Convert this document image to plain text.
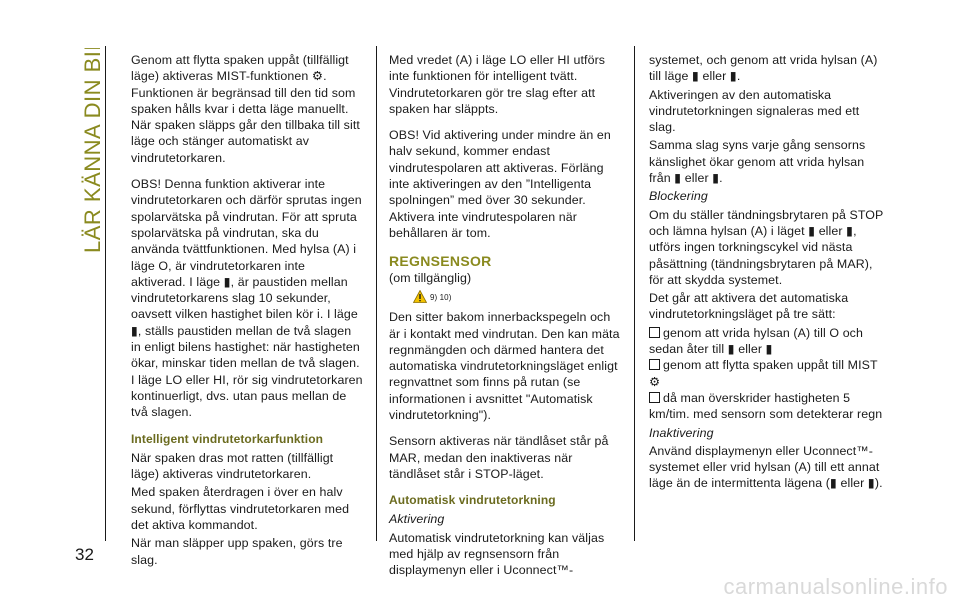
LÄR KÄNNA DIN BIL Genom att flytta spaken uppåt (tillfälligt läge) aktiveras MIST-funktionen ⚙. Funktionen är begränsad till den tid som spaken hålls kvar i detta läge manuellt. När spaken släpps går den tillbaka till sitt läge och stänger automatiskt av vindrutetorkaren.

OBS! Denna funktion aktiverar inte vindrutetorkaren och därför sprutas ingen spolarvätska på vindrutan. För att spruta spolarvätska på vindrutan, ska du använda tvättfunktionen. Med hylsa (A) i läge O, är vindrutetorkaren inte aktiverad. I läge ▮, är paustiden mellan vindrutetorkarens slag 10 sekunder, oavsett vilken hastighet bilen kör i. I läge ▮, ställs paustiden mellan de två slagen in enligt bilens hastighet: när hastigheten ökar, minskar tiden mellan de två slagen. I läge LO eller HI, rör sig vindrutetorkaren kontinuerligt, dvs. utan paus mellan de två slagen.

Intelligent vindrutetorkarfunktion

När spaken dras mot ratten (tillfälligt läge) aktiveras vindrutetorkaren.

Med spaken återdragen i över en halv sekund, förflyttas vindrutetorkaren med det aktiva kommandot.

När man släpper upp spaken, görs tre slag.

Med vredet (A) i läge LO eller HI utförs inte funktionen för intelligent tvätt. Vindrutetorkaren gör tre slag efter att spaken har släppts.

OBS! Vid aktivering under mindre än en halv sekund, kommer endast vindrutespolaren att aktiveras. Förläng inte aktiveringen av den ”Intelligenta spolningen” med över 30 sekunder. Aktivera inte vindrutespolaren när behållaren är tom.

REGNSENSOR
(om tillgänglig)
9) 10)

Den sitter bakom innerbackspegeln och är i kontakt med vindrutan. Den kan mäta regnmängden och därmed hantera det automatiska vindrutetorkningsläget enligt regnvattnet som finns på rutan (se informationen i avsnittet "Automatisk vindrutetorkning").

Sensorn aktiveras när tändlåset står på MAR, medan den inaktiveras när tändlåset står i STOP-läget.

Automatisk vindrutetorkning
Aktivering

Automatisk vindrutetorkning kan väljas med hjälp av regnsensorn från displaymenyn eller i Uconnect™-

systemet, och genom att vrida hylsan (A) till läge ▮ eller ▮.

Aktiveringen av den automatiska vindrutetorkningen signaleras med ett slag.

Samma slag syns varje gång sensorns känslighet ökar genom att vrida hylsan från ▮ eller ▮.

Blockering

Om du ställer tändningsbrytaren på STOP och lämna hylsan (A) i läget ▮ eller ▮, utförs ingen torkningscykel vid nästa påsättning (tändningsbrytaren på MAR), för att skydda systemet.

Det går att aktivera det automatiska vindrutetorkningsläget på tre sätt:

genom att vrida hylsan (A) till O och sedan åter till ▮ eller ▮
genom att flytta spaken uppåt till MIST ⚙
då man överskrider hastigheten 5 km/tim. med sensorn som detekterar regn
Inaktivering

Använd displaymenyn eller Uconnect™-systemet eller vrid hylsan (A) till ett annat läge än de intermittenta lägena (▮ eller ▮).

32
carmanualsonline.info
